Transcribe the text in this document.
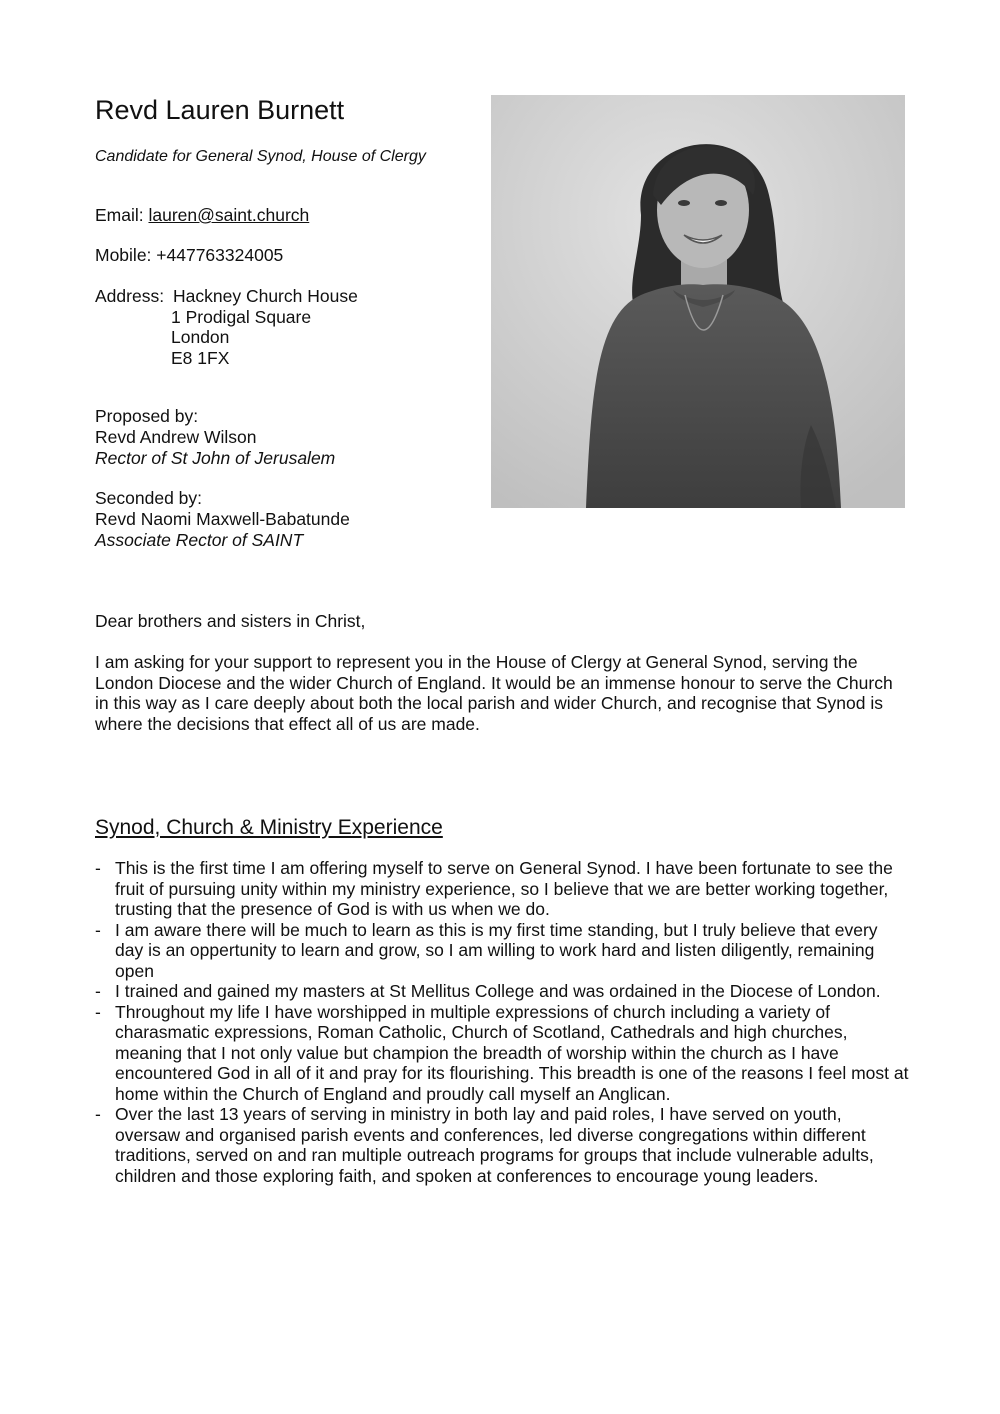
Revd Lauren Burnett

Candidate for General Synod, House of Clergy

Email: lauren@saint.church

Mobile: +447763324005

Address: Hackney Church House
1 Prodigal Square
London
E8 1FX
Proposed by:
Revd Andrew Wilson
Rector of St John of Jerusalem
Seconded by:
Revd Naomi Maxwell-Babatunde
Associate Rector of SAINT

Dear brothers and sisters in Christ,

I am asking for your support to represent you in the House of Clergy at General Synod, serving the London Diocese and the wider Church of England. It would be an immense honour to serve the Church in this way as I care deeply about both the local parish and wider Church, and recognise that Synod is where the decisions that effect all of us are made.

Synod, Church & Ministry Experience
- This is the first time I am offering myself to serve on General Synod. I have been fortunate to see the fruit of pursuing unity within my ministry experience, so I believe that we are better working together, trusting that the presence of God is with us when we do.
- I am aware there will be much to learn as this is my first time standing, but I truly believe that every day is an oppertunity to learn and grow, so I am willing to work hard and listen diligently, remaining open
- I trained and gained my masters at St Mellitus College and was ordained in the Diocese of London.
- Throughout my life I have worshipped in multiple expressions of church including a variety of charasmatic expressions, Roman Catholic, Church of Scotland, Cathedrals and high churches, meaning that I not only value but champion the breadth of worship within the church as I have encountered God in all of it and pray for its flourishing. This breadth is one of the reasons I feel most at home within the Church of England and proudly call myself an Anglican.
- Over the last 13 years of serving in ministry in both lay and paid roles, I have served on youth, oversaw and organised parish events and conferences, led diverse congregations within different traditions, served on and ran multiple outreach programs for groups that include vulnerable adults, children and those exploring faith, and spoken at conferences to encourage young leaders.
